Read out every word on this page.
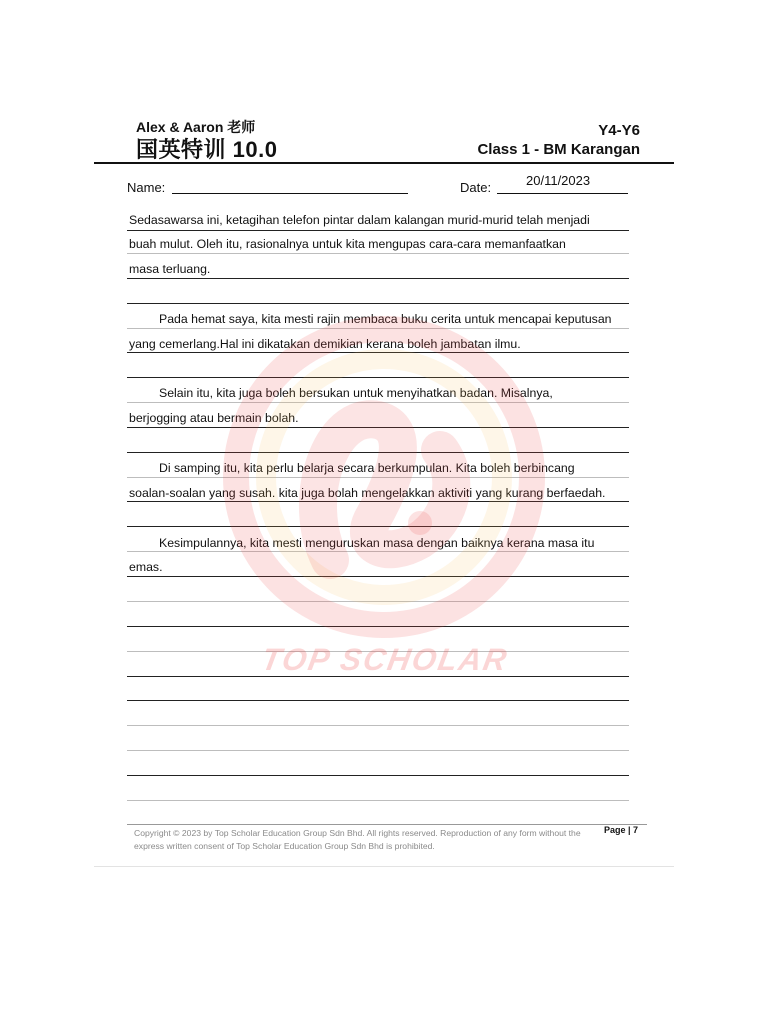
Alex & Aaron 老师
国英特训 10.0
Y4-Y6
Class 1 - BM Karangan
Name:	Date:	20/11/2023
Sedasawarsa ini, ketagihan telefon pintar dalam kalangan murid-murid telah menjadi
buah mulut. Oleh itu, rasionalnya untuk kita mengupas cara-cara memanfaatkan
masa terluang.
Pada hemat saya, kita mesti rajin membaca buku cerita untuk mencapai keputusan
yang cemerlang.Hal ini dikatakan demikian kerana boleh jambatan ilmu.
Selain itu, kita juga boleh bersukan untuk menyihatkan badan. Misalnya,
berjogging atau bermain bolah.
Di samping itu, kita perlu belarja secara berkumpulan. Kita boleh berbincang
soalan-soalan yang susah. kita juga bolah mengelakkan aktiviti yang kurang berfaedah.
Kesimpulannya, kita mesti menguruskan masa dengan baiknya kerana masa itu
emas.
TOP SCHOLAR
Copyright © 2023 by Top Scholar Education Group Sdn Bhd. All rights reserved. Reproduction of any form without the express written consent of Top Scholar Education Group Sdn Bhd is prohibited.
Page | 7
